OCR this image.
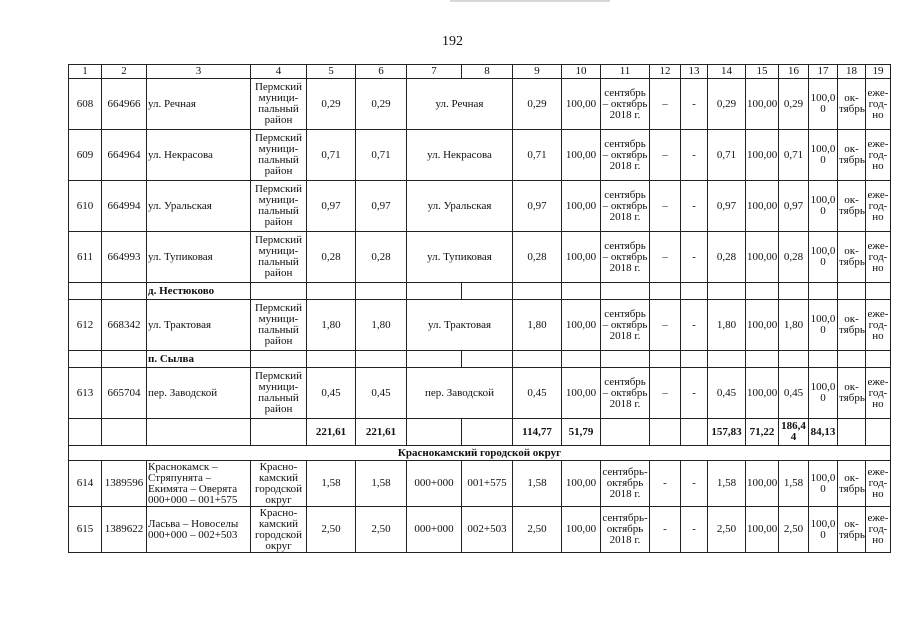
192
1	2	3	4	5	6	7	8	9	10	11	12	13	14	15	16	17	18	19
608	664966	ул. Речная	Пермский муници-пальный район	0,29	0,29	ул. Речная		0,29	100,00	сентябрь – октябрь 2018 г.	–	-	0,29	100,00	0,29	100,0 0	ок-тябрь	еже-год-но
609	664964	ул. Некрасова	Пермский муници-пальный район	0,71	0,71	ул. Некрасова		0,71	100,00	сентябрь – октябрь 2018 г.	–	-	0,71	100,00	0,71	100,0 0	ок-тябрь	еже-год-но
610	664994	ул. Уральская	Пермский муници-пальный район	0,97	0,97	ул. Уральская		0,97	100,00	сентябрь – октябрь 2018 г.	–	-	0,97	100,00	0,97	100,0 0	ок-тябрь	еже-год-но
611	664993	ул. Тупиковая	Пермский муници-пальный район	0,28	0,28	ул. Тупиковая		0,28	100,00	сентябрь – октябрь 2018 г.	–	-	0,28	100,00	0,28	100,0 0	ок-тябрь	еже-год-но
		д. Нестюково																
612	668342	ул. Трактовая	Пермский муници-пальный район	1,80	1,80	ул. Трактовая		1,80	100,00	сентябрь – октябрь 2018 г.	–	-	1,80	100,00	1,80	100,0 0	ок-тябрь	еже-год-но
		п. Сылва																
613	665704	пер. Заводской	Пермский муници-пальный район	0,45	0,45	пер. Заводской		0,45	100,00	сентябрь – октябрь 2018 г.	–	-	0,45	100,00	0,45	100,0 0	ок-тябрь	еже-год-но
				221,61	221,61			114,77	51,79				157,83	71,22	186,4 4	84,13		
Краснокамский городской округ																		
614	1389596	Краснокамск – Стряпунята – Екимята – Оверята 000+000 – 001+575	Красно-камский городской округ	1,58	1,58	000+000	001+575	1,58	100,00	сентябрь-октябрь 2018 г.	-	-	1,58	100,00	1,58	100,0 0	ок-тябрь	еже-год-но
615	1389622	Ласьва – Новоселы 000+000 – 002+503	Красно-камский городской округ	2,50	2,50	000+000	002+503	2,50	100,00	сентябрь-октябрь 2018 г.	-	-	2,50	100,00	2,50	100,0 0	ок-тябрь	еже-год-но
